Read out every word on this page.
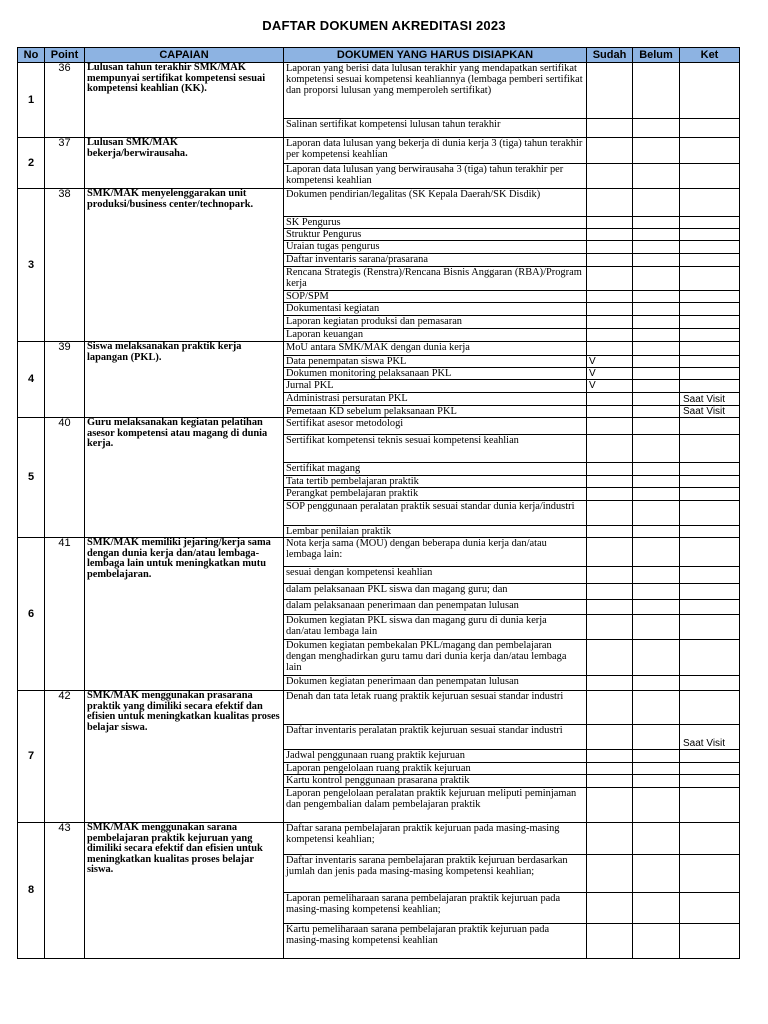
DAFTAR DOKUMEN AKREDITASI 2023
No	Point	CAPAIAN	DOKUMEN YANG HARUS DISIAPKAN	Sudah	Belum	Ket
1	36	Lulusan tahun terakhir SMK/MAK mempunyai sertifikat kompetensi sesuai kompetensi keahlian (KK).	Laporan yang berisi data lulusan terakhir yang mendapatkan sertifikat kompetensi sesuai kompetensi keahliannya (lembaga pemberi sertifikat dan proporsi lulusan yang memperoleh sertifikat)			
			Salinan sertifikat kompetensi lulusan tahun terakhir			
2	37	Lulusan SMK/MAK bekerja/berwirausaha.	Laporan data lulusan yang bekerja di dunia kerja 3 (tiga) tahun terakhir per kompetensi keahlian			
			Laporan data lulusan yang berwirausaha 3 (tiga) tahun terakhir per kompetensi keahlian			
3	38	SMK/MAK menyelenggarakan unit produksi/business center/technopark.	Dokumen pendirian/legalitas (SK Kepala Daerah/SK Disdik)			
			SK Pengurus			
			Struktur Pengurus			
			Uraian tugas pengurus			
			Daftar inventaris sarana/prasarana			
			Rencana Strategis (Renstra)/Rencana Bisnis Anggaran (RBA)/Program kerja			
			SOP/SPM			
			Dokumentasi kegiatan			
			Laporan kegiatan produksi dan pemasaran			
			Laporan keuangan			
4	39	Siswa melaksanakan praktik kerja lapangan (PKL).	MoU antara SMK/MAK dengan dunia kerja			
			Data penempatan siswa PKL	V		
			Dokumen monitoring pelaksanaan PKL	V		
			Jurnal PKL	V		
			Administrasi persuratan PKL			Saat Visit
			Pemetaan KD sebelum pelaksanaan PKL			Saat Visit
5	40	Guru melaksanakan kegiatan pelatihan asesor kompetensi atau magang di dunia kerja.	Sertifikat asesor metodologi			
			Sertifikat kompetensi teknis sesuai kompetensi keahlian			
			Sertifikat magang			
			Tata tertib pembelajaran praktik			
			Perangkat pembelajaran praktik			
			SOP penggunaan peralatan praktik sesuai standar dunia kerja/industri			
			Lembar penilaian praktik			
6	41	SMK/MAK memiliki jejaring/kerja sama dengan dunia kerja dan/atau lembaga-lembaga lain untuk meningkatkan mutu pembelajaran.	Nota kerja sama (MOU) dengan beberapa dunia kerja dan/atau lembaga lain:			
			sesuai dengan kompetensi keahlian			
			dalam pelaksanaan PKL siswa dan magang guru; dan			
			dalam pelaksanaan penerimaan dan penempatan lulusan			
			Dokumen kegiatan PKL siswa dan magang guru di dunia kerja dan/atau lembaga lain			
			Dokumen kegiatan pembekalan PKL/magang dan pembelajaran dengan menghadirkan guru tamu dari dunia kerja dan/atau lembaga lain			
			Dokumen kegiatan penerimaan dan penempatan lulusan			
7	42	SMK/MAK menggunakan prasarana praktik yang dimiliki secara efektif dan efisien untuk meningkatkan kualitas proses belajar siswa.	Denah dan tata letak ruang praktik kejuruan sesuai standar industri			
			Daftar inventaris peralatan praktik kejuruan sesuai standar industri			Saat Visit
			Jadwal penggunaan ruang praktik kejuruan			
			Laporan pengelolaan ruang praktik kejuruan			
			Kartu kontrol penggunaan prasarana praktik			
			Laporan pengelolaan peralatan praktik kejuruan meliputi peminjaman dan pengembalian dalam pembelajaran praktik			
8	43	SMK/MAK menggunakan sarana pembelajaran praktik kejuruan yang dimiliki secara efektif dan efisien untuk meningkatkan kualitas proses belajar siswa.	Daftar sarana pembelajaran praktik kejuruan pada masing-masing kompetensi keahlian;			
			Daftar inventaris sarana pembelajaran praktik kejuruan berdasarkan jumlah dan jenis pada masing-masing kompetensi keahlian;			
			Laporan pemeliharaan sarana pembelajaran praktik kejuruan pada masing-masing kompetensi keahlian;			
			Kartu pemeliharaan sarana pembelajaran praktik kejuruan pada masing-masing kompetensi keahlian			
